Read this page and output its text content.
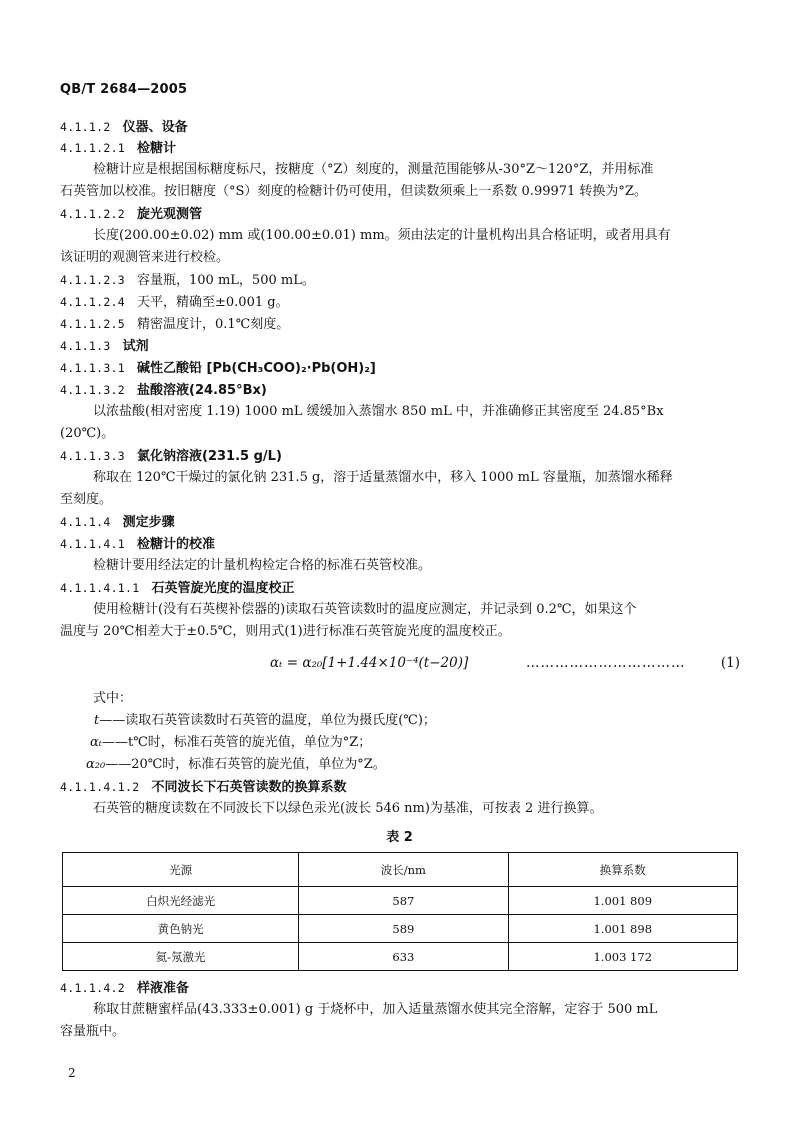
QB/T 2684—2005
4.1.1.2 仪器、设备
4.1.1.2.1 检糖计
检糖计应是根据国标糖度标尺，按糖度（°Z）刻度的，测量范围能够从-30°Z～120°Z，并用标准
石英管加以校准。按旧糖度（°S）刻度的检糖计仍可使用，但读数须乘上一系数 0.99971 转换为°Z。
4.1.1.2.2 旋光观测管
长度(200.00±0.02) mm 或(100.00±0.01) mm。须由法定的计量机构出具合格证明，或者用具有
该证明的观测管来进行校检。
4.1.1.2.3 容量瓶，100 mL，500 mL。
4.1.1.2.4 天平，精确至±0.001 g。
4.1.1.2.5 精密温度计，0.1℃刻度。
4.1.1.3 试剂
4.1.1.3.1 碱性乙酸铅 [Pb(CH₃COO)₂·Pb(OH)₂]
4.1.1.3.2 盐酸溶液(24.85°Bx)
以浓盐酸(相对密度 1.19) 1000 mL 缓缓加入蒸馏水 850 mL 中，并准确修正其密度至 24.85°Bx
(20℃)。
4.1.1.3.3 氯化钠溶液(231.5 g/L)
称取在 120℃干燥过的氯化钠 231.5 g，溶于适量蒸馏水中，移入 1000 mL 容量瓶，加蒸馏水稀释
至刻度。
4.1.1.4 测定步骤
4.1.1.4.1 检糖计的校准
检糖计要用经法定的计量机构检定合格的标准石英管校准。
4.1.1.4.1.1 石英管旋光度的温度校正
使用检糖计(没有石英楔补偿器的)读取石英管读数时的温度应测定，并记录到 0.2℃，如果这个
温度与 20℃相差大于±0.5℃，则用式(1)进行标准石英管旋光度的温度校正。
αₜ = α₂₀[1+1.44×10⁻⁴(t−20)]	……………………………	(1)
式中：
t——读取石英管读数时石英管的温度，单位为摄氏度(℃)；
αₜ——t℃时，标准石英管的旋光值，单位为°Z；
α₂₀——20℃时，标准石英管的旋光值，单位为°Z。
4.1.1.4.1.2 不同波长下石英管读数的换算系数
石英管的糖度读数在不同波长下以绿色汞光(波长 546 nm)为基准，可按表 2 进行换算。
表 2
光源	波长/nm	换算系数
白炽光经滤光	587	1.001 809
黄色钠光	589	1.001 898
氦-氖激光	633	1.003 172
4.1.1.4.2 样液准备
称取甘蔗糖蜜样品(43.333±0.001) g 于烧杯中，加入适量蒸馏水使其完全溶解，定容于 500 mL
容量瓶中。
2
